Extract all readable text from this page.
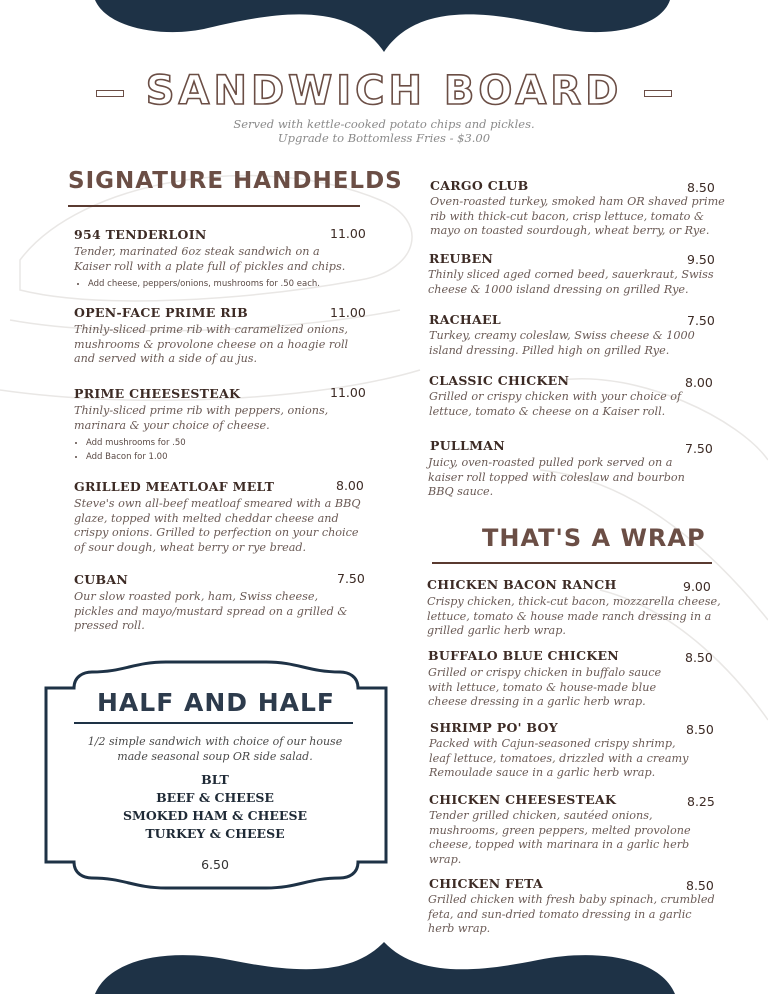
SANDWICH BOARD
Served with kettle-cooked potato chips and pickles.
Upgrade to Bottomless Fries - $3.00
SIGNATURE HANDHELDS
954 TENDERLOIN	11.00
Tender, marinated 6oz steak sandwich on a Kaiser roll with a plate full of pickles and chips.
• Add cheese, peppers/onions, mushrooms for .50 each.
OPEN-FACE PRIME RIB	11.00
Thinly-sliced prime rib with caramelized onions, mushrooms & provolone cheese on a hoagie roll and served with a side of au jus.
PRIME CHEESESTEAK	11.00
Thinly-sliced prime rib with peppers, onions, marinara & your choice of cheese.
• Add mushrooms for .50
• Add Bacon for 1.00
GRILLED MEATLOAF MELT	8.00
Steve's own all-beef meatloaf smeared with a BBQ glaze, topped with melted cheddar cheese and crispy onions. Grilled to perfection on your choice of sour dough, wheat berry or rye bread.
CUBAN	7.50
Our slow roasted pork, ham, Swiss cheese, pickles and mayo/mustard spread on a grilled & pressed roll.
CARGO CLUB	8.50
Oven-roasted turkey, smoked ham OR shaved prime rib with thick-cut bacon, crisp lettuce, tomato & mayo on toasted sourdough, wheat berry, or Rye.
REUBEN	9.50
Thinly sliced aged corned beed, sauerkraut, Swiss cheese & 1000 island dressing on grilled Rye.
RACHAEL	7.50
Turkey, creamy coleslaw, Swiss cheese & 1000 island dressing. Pilled high on grilled Rye.
CLASSIC CHICKEN	8.00
Grilled or crispy chicken with your choice of lettuce, tomato & cheese on a Kaiser roll.
PULLMAN	7.50
Juicy, oven-roasted pulled pork served on a kaiser roll topped with coleslaw and bourbon BBQ sauce.
THAT'S A WRAP
CHICKEN BACON RANCH	9.00
Crispy chicken, thick-cut bacon, mozzarella cheese, lettuce, tomato & house made ranch dressing in a grilled garlic herb wrap.
BUFFALO BLUE CHICKEN	8.50
Grilled or crispy chicken in buffalo sauce with lettuce, tomato & house-made blue cheese dressing in a garlic herb wrap.
SHRIMP PO' BOY	8.50
Packed with Cajun-seasoned crispy shrimp, leaf lettuce, tomatoes, drizzled with a creamy Remoulade sauce in a garlic herb wrap.
CHICKEN CHEESESTEAK	8.25
Tender grilled chicken, sautéed onions, mushrooms, green peppers, melted provolone cheese, topped with marinara in a garlic herb wrap.
CHICKEN FETA	8.50
Grilled chicken with fresh baby spinach, crumbled feta, and sun-dried tomato dressing in a garlic herb wrap.
HALF AND HALF
1/2 simple sandwich with choice of our house made seasonal soup OR side salad.
BLT
BEEF & CHEESE
SMOKED HAM & CHEESE
TURKEY & CHEESE
6.50
